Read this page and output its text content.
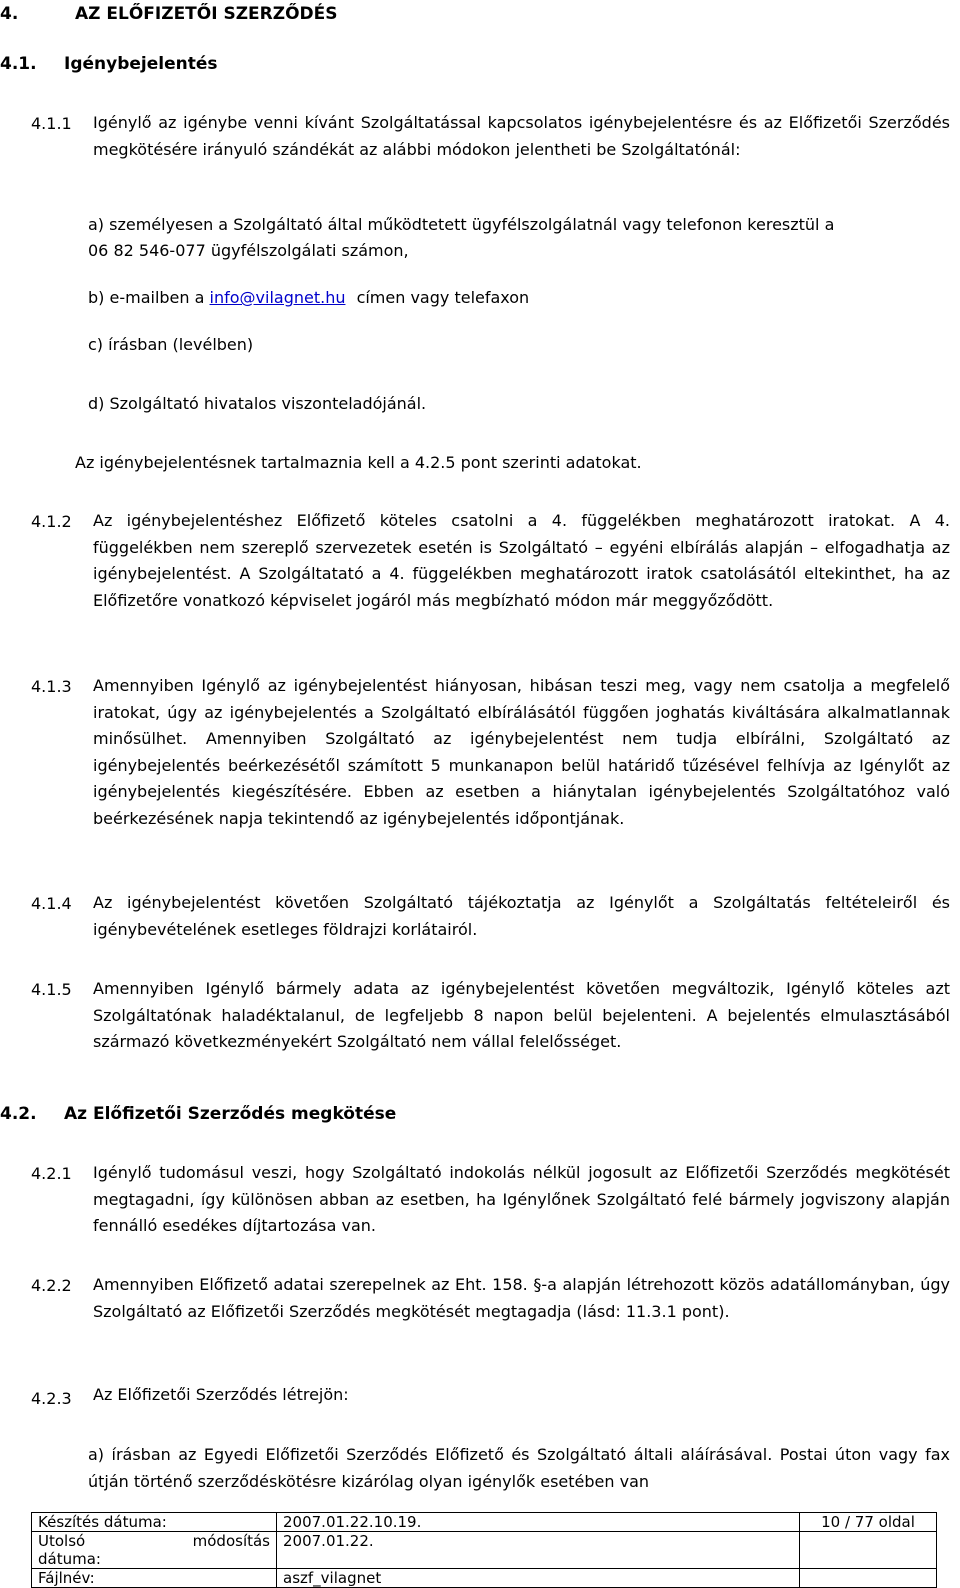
4.	AZ ELŐFIZETŐI SZERZŐDÉS
4.1. Igénybejelentés
4.1.1 Igénylő az igénybe venni kívánt Szolgáltatással kapcsolatos igénybejelentésre és az Előfizetői Szerződés megkötésére irányuló szándékát az alábbi módokon jelentheti be Szolgáltatónál:
a) személyesen a Szolgáltató által működtetett ügyfélszolgálatnál vagy telefonon keresztül a
06 82 546-077 ügyfélszolgálati számon,
b) e-mailben a info@vilagnet.hu címen vagy telefaxon
c) írásban (levélben)
d) Szolgáltató hivatalos viszonteladójánál.
Az igénybejelentésnek tartalmaznia kell a 4.2.5 pont szerinti adatokat.
4.1.2 Az igénybejelentéshez Előfizető köteles csatolni a 4. függelékben meghatározott iratokat. A 4. függelékben nem szereplő szervezetek esetén is Szolgáltató – egyéni elbírálás alapján – elfogadhatja az igénybejelentést. A Szolgáltatató a 4. függelékben meghatározott iratok csatolásától eltekinthet, ha az Előfizetőre vonatkozó képviselet jogáról más megbízható módon már meggyőződött.
4.1.3 Amennyiben Igénylő az igénybejelentést hiányosan, hibásan teszi meg, vagy nem csatolja a megfelelő iratokat, úgy az igénybejelentés a Szolgáltató elbírálásától függően joghatás kiváltására alkalmatlannak minősülhet. Amennyiben Szolgáltató az igénybejelentést nem tudja elbírálni, Szolgáltató az igénybejelentés beérkezésétől számított 5 munkanapon belül határidő tűzésével felhívja az Igénylőt az igénybejelentés kiegészítésére. Ebben az esetben a hiánytalan igénybejelentés Szolgáltatóhoz való beérkezésének napja tekintendő az igénybejelentés időpontjának.
4.1.4 Az igénybejelentést követően Szolgáltató tájékoztatja az Igénylőt a Szolgáltatás feltételeiről és igénybevételének esetleges földrajzi korlátairól.
4.1.5 Amennyiben Igénylő bármely adata az igénybejelentést követően megváltozik, Igénylő köteles azt Szolgáltatónak haladéktalanul, de legfeljebb 8 napon belül bejelenteni. A bejelentés elmulasztásából származó következményekért Szolgáltató nem vállal felelősséget.
4.2. Az Előfizetői Szerződés megkötése
4.2.1 Igénylő tudomásul veszi, hogy Szolgáltató indokolás nélkül jogosult az Előfizetői Szerződés megkötését megtagadni, így különösen abban az esetben, ha Igénylőnek Szolgáltató felé bármely jogviszony alapján fennálló esedékes díjtartozása van.
4.2.2 Amennyiben Előfizető adatai szerepelnek az Eht. 158. §-a alapján létrehozott közös adatállományban, úgy Szolgáltató az Előfizetői Szerződés megkötését megtagadja (lásd: 11.3.1 pont).
4.2.3 Az Előfizetői Szerződés létrejön:
a) írásban az Egyedi Előfizetői Szerződés Előfizető és Szolgáltató általi aláírásával. Postai úton vagy fax útján történő szerződéskötésre kizárólag olyan igénylők esetében van
Készítés dátuma:	2007.01.22.10.19.	10 / 77 oldal

Utolsó módosítás
dátuma:	2007.01.22.	
Fájlnév:	aszf_vilagnet	
